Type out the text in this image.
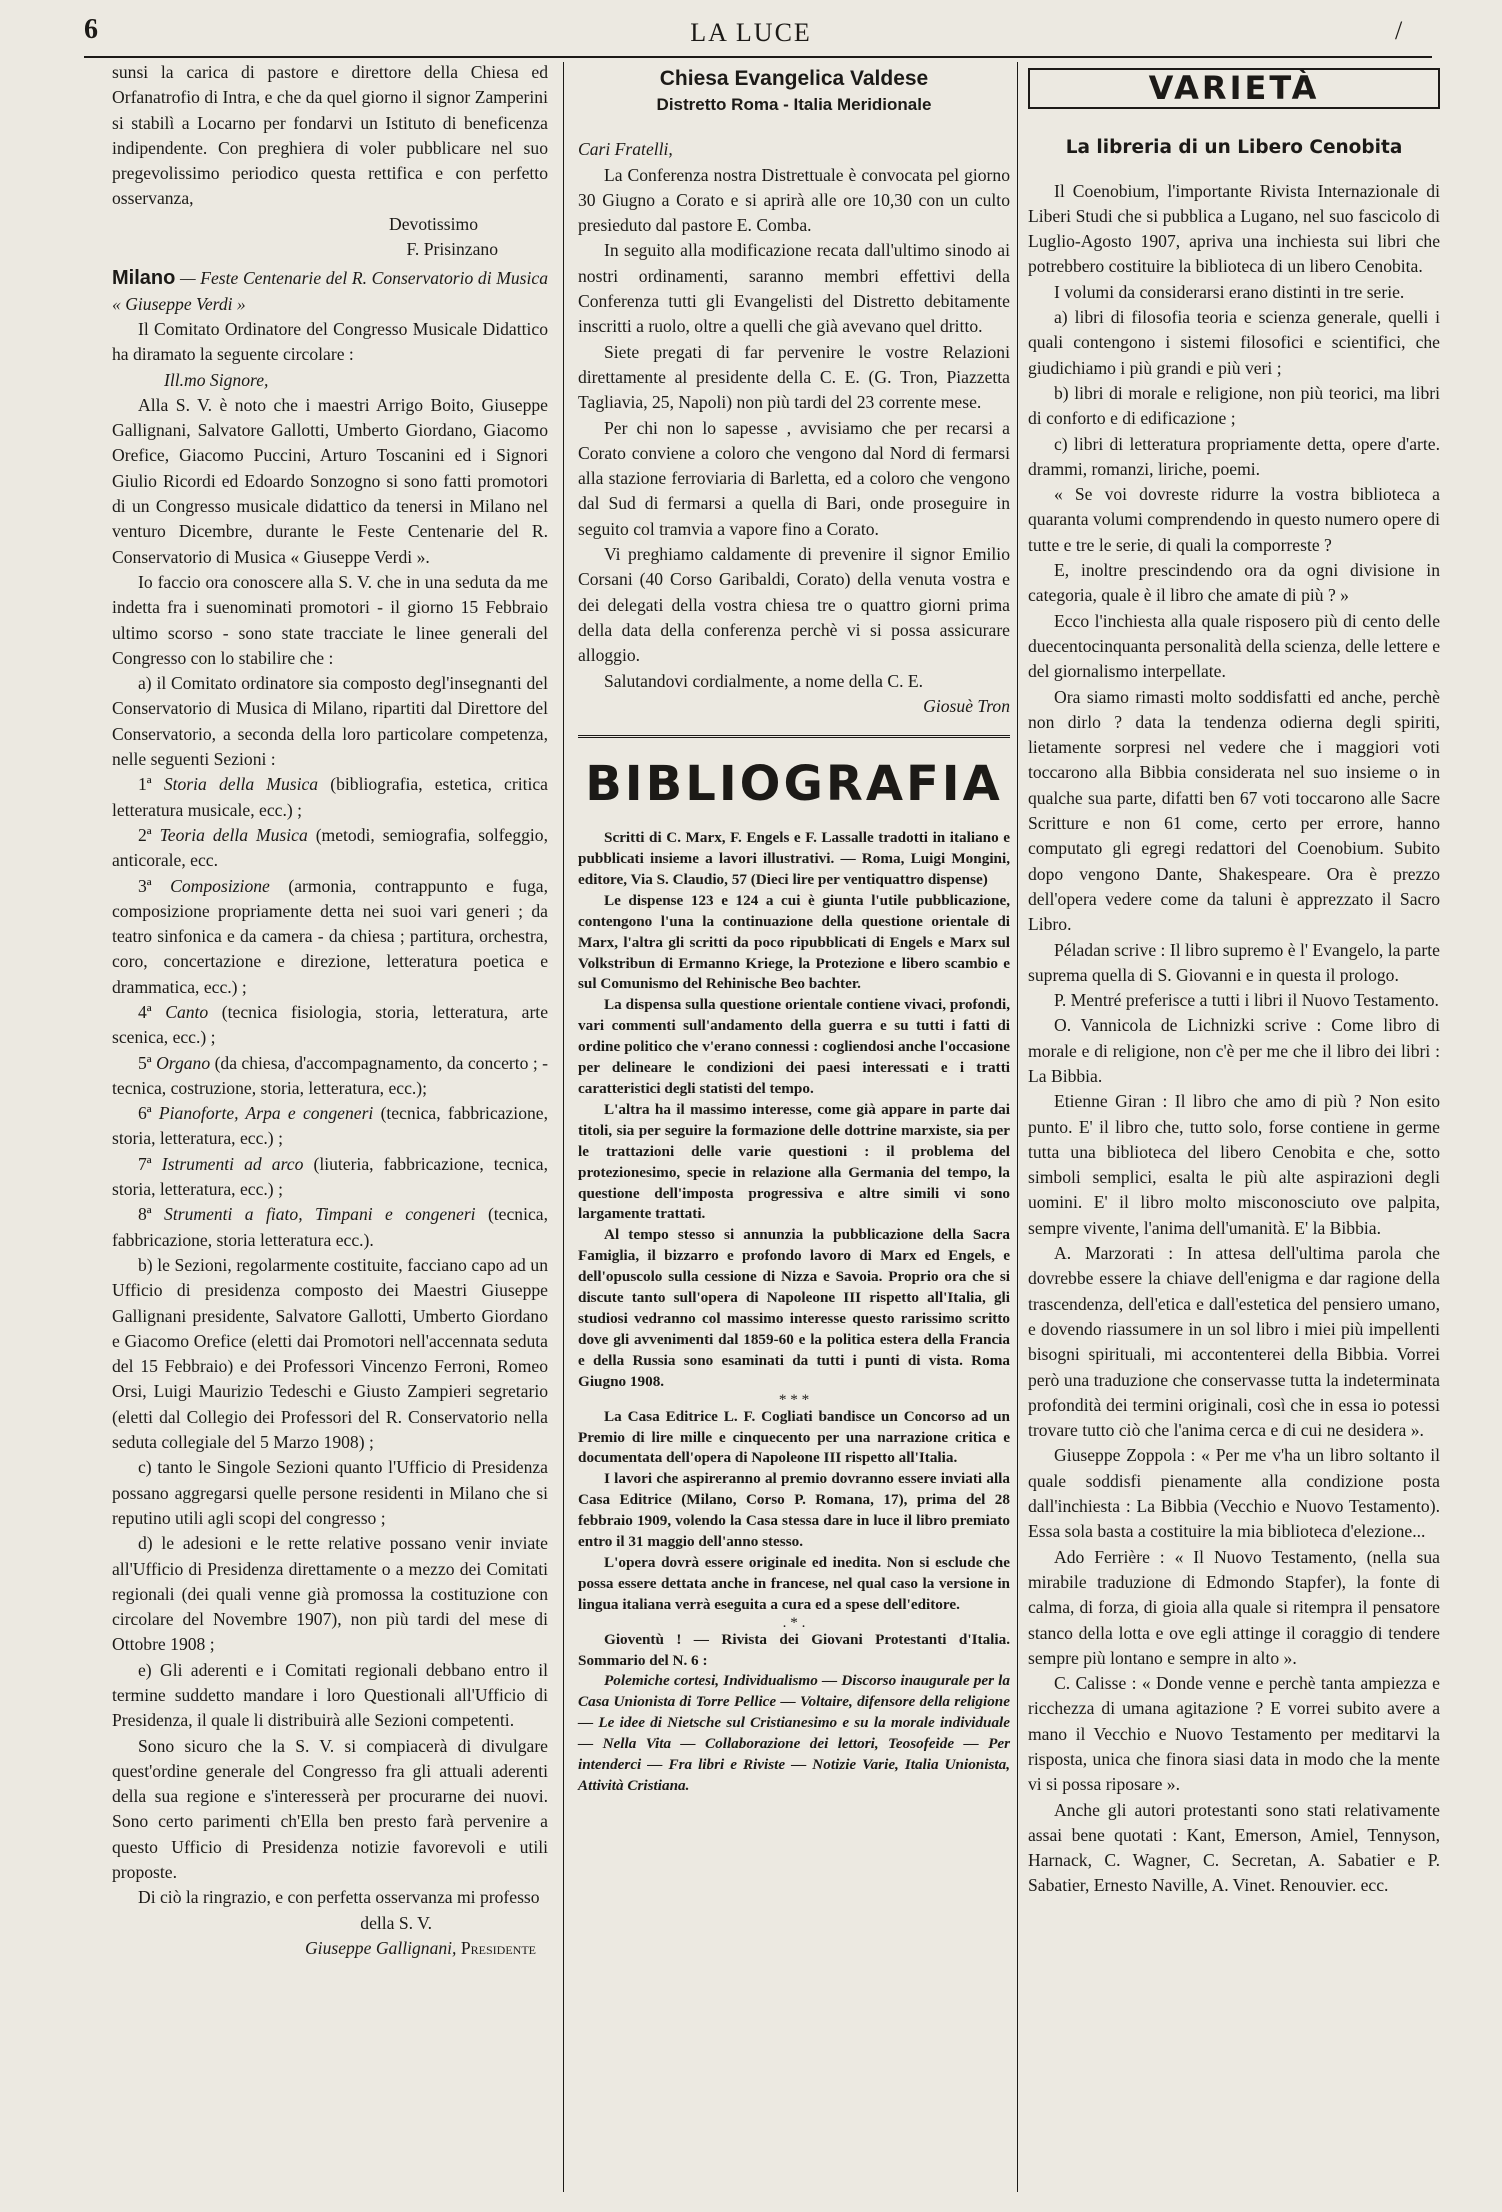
6	LA LUCE	/

sunsi la carica di pastore e direttore della Chiesa ed Orfanatrofio di Intra, e che da quel giorno il signor Zamperini si stabilì a Locarno per fondarvi un Istituto di beneficenza indipendente. Con preghiera di voler pubblicare nel suo pregevolissimo periodico questa rettifica e con perfetto osservanza,

Devotissimo

F. Prisinzano

Milano — Feste Centenarie del R. Conservatorio di Musica « Giuseppe Verdi »

Il Comitato Ordinatore del Congresso Musicale Didattico ha diramato la seguente circolare :

Ill.mo Signore,

Alla S. V. è noto che i maestri Arrigo Boito, Giuseppe Gallignani, Salvatore Gallotti, Umberto Giordano, Giacomo Orefice, Giacomo Puccini, Arturo Toscanini ed i Signori Giulio Ricordi ed Edoardo Sonzogno si sono fatti promotori di un Congresso musicale didattico da tenersi in Milano nel venturo Dicembre, durante le Feste Centenarie del R. Conservatorio di Musica « Giuseppe Verdi ».

Io faccio ora conoscere alla S. V. che in una seduta da me indetta fra i suenominati promotori - il giorno 15 Febbraio ultimo scorso - sono state tracciate le linee generali del Congresso con lo stabilire che :

a) il Comitato ordinatore sia composto degl'insegnanti del Conservatorio di Musica di Milano, ripartiti dal Direttore del Conservatorio, a seconda della loro particolare competenza, nelle seguenti Sezioni :

1ª Storia della Musica (bibliografia, estetica, critica letteratura musicale, ecc.) ;

2ª Teoria della Musica (metodi, semiografia, solfeggio, anticorale, ecc.

3ª Composizione (armonia, contrappunto e fuga, composizione propriamente detta nei suoi vari generi ; da teatro sinfonica e da camera - da chiesa ; partitura, orchestra, coro, concertazione e direzione, letteratura poetica e drammatica, ecc.) ;

4ª Canto (tecnica fisiologia, storia, letteratura, arte scenica, ecc.) ;

5ª Organo (da chiesa, d'accompagnamento, da concerto ; - tecnica, costruzione, storia, letteratura, ecc.);

6ª Pianoforte, Arpa e congeneri (tecnica, fabbricazione, storia, letteratura, ecc.) ;

7ª Istrumenti ad arco (liuteria, fabbricazione, tecnica, storia, letteratura, ecc.) ;

8ª Strumenti a fiato, Timpani e congeneri (tecnica, fabbricazione, storia letteratura ecc.).

b) le Sezioni, regolarmente costituite, facciano capo ad un Ufficio di presidenza composto dei Maestri Giuseppe Gallignani presidente, Salvatore Gallotti, Umberto Giordano e Giacomo Orefice (eletti dai Promotori nell'accennata seduta del 15 Febbraio) e dei Professori Vincenzo Ferroni, Romeo Orsi, Luigi Maurizio Tedeschi e Giusto Zampieri segretario (eletti dal Collegio dei Professori del R. Conservatorio nella seduta collegiale del 5 Marzo 1908) ;

c) tanto le Singole Sezioni quanto l'Ufficio di Presidenza possano aggregarsi quelle persone residenti in Milano che si reputino utili agli scopi del congresso ;

d) le adesioni e le rette relative possano venir inviate all'Ufficio di Presidenza direttamente o a mezzo dei Comitati regionali (dei quali venne già promossa la costituzione con circolare del Novembre 1907), non più tardi del mese di Ottobre 1908 ;

e) Gli aderenti e i Comitati regionali debbano entro il termine suddetto mandare i loro Questionali all'Ufficio di Presidenza, il quale li distribuirà alle Sezioni competenti.

Sono sicuro che la S. V. si compiacerà di divulgare quest'ordine generale del Congresso fra gli attuali aderenti della sua regione e s'interesserà per procurarne dei nuovi. Sono certo parimenti ch'Ella ben presto farà pervenire a questo Ufficio di Presidenza notizie favorevoli e utili proposte.

Di ciò la ringrazio, e con perfetta osservanza mi professo

della S. V.

Giuseppe Gallignani, Presidente

Chiesa Evangelica Valdese
Distretto Roma - Italia Meridionale

Cari Fratelli,

La Conferenza nostra Distrettuale è convocata pel giorno 30 Giugno a Corato e si aprirà alle ore 10,30 con un culto presieduto dal pastore E. Comba.

In seguito alla modificazione recata dall'ultimo sinodo ai nostri ordinamenti, saranno membri effettivi della Conferenza tutti gli Evangelisti del Distretto debitamente inscritti a ruolo, oltre a quelli che già avevano quel dritto.

Siete pregati di far pervenire le vostre Relazioni direttamente al presidente della C. E. (G. Tron, Piazzetta Tagliavia, 25, Napoli) non più tardi del 23 corrente mese.

Per chi non lo sapesse , avvisiamo che per recarsi a Corato conviene a coloro che vengono dal Nord di fermarsi alla stazione ferroviaria di Barletta, ed a coloro che vengono dal Sud di fermarsi a quella di Bari, onde proseguire in seguito col tramvia a vapore fino a Corato.

Vi preghiamo caldamente di prevenire il signor Emilio Corsani (40 Corso Garibaldi, Corato) della venuta vostra e dei delegati della vostra chiesa tre o quattro giorni prima della data della conferenza perchè vi si possa assicurare alloggio.

Salutandovi cordialmente, a nome della C. E.

Giosuè Tron

BIBLIOGRAFIA

Scritti di C. Marx, F. Engels e F. Lassalle tradotti in italiano e pubblicati insieme a lavori illustrativi. — Roma, Luigi Mongini, editore, Via S. Claudio, 57 (Dieci lire per ventiquattro dispense)

Le dispense 123 e 124 a cui è giunta l'utile pubblicazione, contengono l'una la continuazione della questione orientale di Marx, l'altra gli scritti da poco ripubblicati di Engels e Marx sul Volkstribun di Ermanno Kriege, la Protezione e libero scambio e sul Comunismo del Rehinische Beo bachter.

La dispensa sulla questione orientale contiene vivaci, profondi, vari commenti sull'andamento della guerra e su tutti i fatti di ordine politico che v'erano connessi : cogliendosi anche l'occasione per delineare le condizioni dei paesi interessati e i tratti caratteristici degli statisti del tempo.

L'altra ha il massimo interesse, come già appare in parte dai titoli, sia per seguire la formazione delle dottrine marxiste, sia per le trattazioni delle varie questioni : il problema del protezionesimo, specie in relazione alla Germania del tempo, la questione dell'imposta progressiva e altre simili vi sono largamente trattati.

Al tempo stesso si annunzia la pubblicazione della Sacra Famiglia, il bizzarro e profondo lavoro di Marx ed Engels, e dell'opuscolo sulla cessione di Nizza e Savoia. Proprio ora che si discute tanto sull'opera di Napoleone III rispetto all'Italia, gli studiosi vedranno col massimo interesse questo rarissimo scritto dove gli avvenimenti dal 1859-60 e la politica estera della Francia e della Russia sono esaminati da tutti i punti di vista. Roma Giugno 1908.

* * *

La Casa Editrice L. F. Cogliati bandisce un Concorso ad un Premio di lire mille e cinquecento per una narrazione critica e documentata dell'opera di Napoleone III rispetto all'Italia.

I lavori che aspireranno al premio dovranno essere inviati alla Casa Editrice (Milano, Corso P. Romana, 17), prima del 28 febbraio 1909, volendo la Casa stessa dare in luce il libro premiato entro il 31 maggio dell'anno stesso.

L'opera dovrà essere originale ed inedita. Non si esclude che possa essere dettata anche in francese, nel qual caso la versione in lingua italiana verrà eseguita a cura ed a spese dell'editore.

. * .

Gioventù ! — Rivista dei Giovani Protestanti d'Italia. Sommario del N. 6 :

Polemiche cortesi, Individualismo — Discorso inaugurale per la Casa Unionista di Torre Pellice — Voltaire, difensore della religione — Le idee di Nietsche sul Cristianesimo e su la morale individuale — Nella Vita — Collaborazione dei lettori, Teosofeide — Per intenderci — Fra libri e Riviste — Notizie Varie, Italia Unionista, Attività Cristiana.

VARIETÀ
La libreria di un Libero Cenobita

Il Coenobium, l'importante Rivista Internazionale di Liberi Studi che si pubblica a Lugano, nel suo fascicolo di Luglio-Agosto 1907, apriva una inchiesta sui libri che potrebbero costituire la biblioteca di un libero Cenobita.

I volumi da considerarsi erano distinti in tre serie.

a) libri di filosofia teoria e scienza generale, quelli i quali contengono i sistemi filosofici e scientifici, che giudichiamo i più grandi e più veri ;

b) libri di morale e religione, non più teorici, ma libri di conforto e di edificazione ;

c) libri di letteratura propriamente detta, opere d'arte. drammi, romanzi, liriche, poemi.

« Se voi dovreste ridurre la vostra biblioteca a quaranta volumi comprendendo in questo numero opere di tutte e tre le serie, di quali la comporreste ?

E, inoltre prescindendo ora da ogni divisione in categoria, quale è il libro che amate di più ? »

Ecco l'inchiesta alla quale risposero più di cento delle duecentocinquanta personalità della scienza, delle lettere e del giornalismo interpellate.

Ora siamo rimasti molto soddisfatti ed anche, perchè non dirlo ? data la tendenza odierna degli spiriti, lietamente sorpresi nel vedere che i maggiori voti toccarono alla Bibbia considerata nel suo insieme o in qualche sua parte, difatti ben 67 voti toccarono alle Sacre Scritture e non 61 come, certo per errore, hanno computato gli egregi redattori del Coenobium. Subito dopo vengono Dante, Shakespeare. Ora è prezzo dell'opera vedere come da taluni è apprezzato il Sacro Libro.

Péladan scrive : Il libro supremo è l' Evangelo, la parte suprema quella di S. Giovanni e in questa il prologo.

P. Mentré preferisce a tutti i libri il Nuovo Testamento.

O. Vannicola de Lichnizki scrive : Come libro di morale e di religione, non c'è per me che il libro dei libri : La Bibbia.

Etienne Giran : Il libro che amo di più ? Non esito punto. E' il libro che, tutto solo, forse contiene in germe tutta una biblioteca del libero Cenobita e che, sotto simboli semplici, esalta le più alte aspirazioni degli uomini. E' il libro molto misconosciuto ove palpita, sempre vivente, l'anima dell'umanità. E' la Bibbia.

A. Marzorati : In attesa dell'ultima parola che dovrebbe essere la chiave dell'enigma e dar ragione della trascendenza, dell'etica e dall'estetica del pensiero umano, e dovendo riassumere in un sol libro i miei più impellenti bisogni spirituali, mi accontenterei della Bibbia. Vorrei però una traduzione che conservasse tutta la indeterminata profondità dei termini originali, così che in essa io potessi trovare tutto ciò che l'anima cerca e di cui ne desidera ».

Giuseppe Zoppola : « Per me v'ha un libro soltanto il quale soddisfi pienamente alla condizione posta dall'inchiesta : La Bibbia (Vecchio e Nuovo Testamento). Essa sola basta a costituire la mia biblioteca d'elezione...

Ado Ferrière : « Il Nuovo Testamento, (nella sua mirabile traduzione di Edmondo Stapfer), la fonte di calma, di forza, di gioia alla quale si ritempra il pensatore stanco della lotta e ove egli attinge il coraggio di tendere sempre più lontano e sempre in alto ».

C. Calisse : « Donde venne e perchè tanta ampiezza e ricchezza di umana agitazione ? E vorrei subito avere a mano il Vecchio e Nuovo Testamento per meditarvi la risposta, unica che finora siasi data in modo che la mente vi si possa riposare ».

Anche gli autori protestanti sono stati relativamente assai bene quotati : Kant, Emerson, Amiel, Tennyson, Harnack, C. Wagner, C. Secretan, A. Sabatier e P. Sabatier, Ernesto Naville, A. Vinet. Renouvier. ecc.
